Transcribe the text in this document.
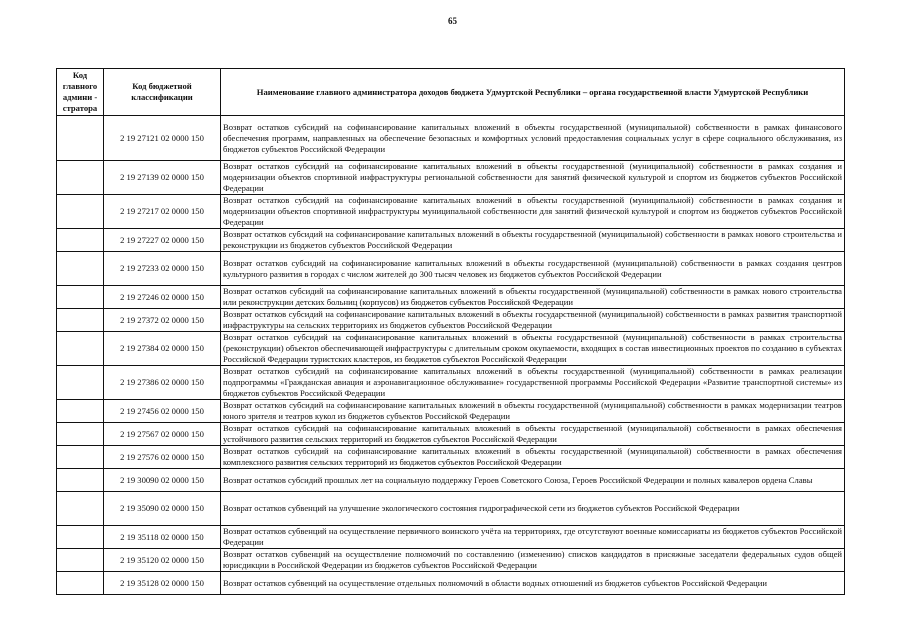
65
Код главного админи - стратора	Код бюджетной классификации	Наименование главного администратора доходов бюджета Удмуртской Республики – органа государственной власти Удмуртской Республики
	2 19 27121 02 0000 150	Возврат остатков субсидий на софинансирование капитальных вложений в объекты государственной (муниципальной) собственности в рамках финансового обеспечения программ, направленных на обеспечение безопасных и комфортных условий предоставления социальных услуг в сфере социального обслуживания, из бюджетов субъектов Российской Федерации
	2 19 27139 02 0000 150	Возврат остатков субсидий на софинансирование капитальных вложений в объекты государственной (муниципальной) собственности в рамках создания и модернизации объектов спортивной инфраструктуры региональной собственности для занятий физической культурой и спортом из бюджетов субъектов Российской Федерации
	2 19 27217 02 0000 150	Возврат остатков субсидий на софинансирование капитальных вложений в объекты государственной (муниципальной) собственности в рамках создания и модернизации объектов спортивной инфраструктуры муниципальной собственности для занятий физической культурой и спортом из бюджетов субъектов Российской Федерации
	2 19 27227 02 0000 150	Возврат остатков субсидий на софинансирование капитальных вложений в объекты государственной (муниципальной) собственности в рамках нового строительства и реконструкции из бюджетов субъектов Российской Федерации
	2 19 27233 02 0000 150	Возврат остатков субсидий на софинансирование капитальных вложений в объекты государственной (муниципальной) собственности в рамках создания центров культурного развития в городах с числом жителей до 300 тысяч человек из бюджетов субъектов Российской Федерации
	2 19 27246 02 0000 150	Возврат остатков субсидий на софинансирование капитальных вложений в объекты государственной (муниципальной) собственности в рамках нового строительства или реконструкции детских больниц (корпусов) из бюджетов субъектов Российской Федерации
	2 19 27372 02 0000 150	Возврат остатков субсидий на софинансирование капитальных вложений в объекты государственной (муниципальной) собственности в рамках развития транспортной инфраструктуры на сельских территориях из бюджетов субъектов Российской Федерации
	2 19 27384 02 0000 150	Возврат остатков субсидий на софинансирование капитальных вложений в объекты государственной (муниципальной) собственности в рамках строительства (реконструкции) объектов обеспечивающей инфраструктуры с длительным сроком окупаемости, входящих в состав инвестиционных проектов по созданию в субъектах Российской Федерации туристских кластеров, из бюджетов субъектов Российской Федерации
	2 19 27386 02 0000 150	Возврат остатков субсидий на софинансирование капитальных вложений в объекты государственной (муниципальной) собственности в рамках реализации подпрограммы «Гражданская авиация и аэронавигационное обслуживание» государственной программы Российской Федерации «Развитие транспортной системы» из бюджетов субъектов Российской Федерации
	2 19 27456 02 0000 150	Возврат остатков субсидий на софинансирование капитальных вложений в объекты государственной (муниципальной) собственности в рамках модернизации театров юного зрителя и театров кукол из бюджетов субъектов Российской Федерации
	2 19 27567 02 0000 150	Возврат остатков субсидий на софинансирование капитальных вложений в объекты государственной (муниципальной) собственности в рамках обеспечения устойчивого развития сельских территорий из бюджетов субъектов Российской Федерации
	2 19 27576 02 0000 150	Возврат остатков субсидий на софинансирование капитальных вложений в объекты государственной (муниципальной) собственности в рамках обеспечения комплексного развития сельских территорий из бюджетов субъектов Российской Федерации
	2 19 30090 02 0000 150	Возврат остатков субсидий прошлых лет на социальную поддержку Героев Советского Союза, Героев Российской Федерации и полных кавалеров ордена Славы
	2 19 35090 02 0000 150	Возврат остатков субвенций на улучшение экологического состояния гидрографической сети из бюджетов субъектов Российской Федерации
	2 19 35118 02 0000 150	Возврат остатков субвенций на осуществление первичного воинского учёта на территориях, где отсутствуют военные комиссариаты из бюджетов субъектов Российской Федерации
	2 19 35120 02 0000 150	Возврат остатков субвенций на осуществление полномочий по составлению (изменению) списков кандидатов в присяжные заседатели федеральных судов общей юрисдикции в Российской Федерации из бюджетов субъектов Российской Федерации
	2 19 35128 02 0000 150	Возврат остатков субвенций на осуществление отдельных полномочий в области водных отношений из бюджетов субъектов Российской Федерации
